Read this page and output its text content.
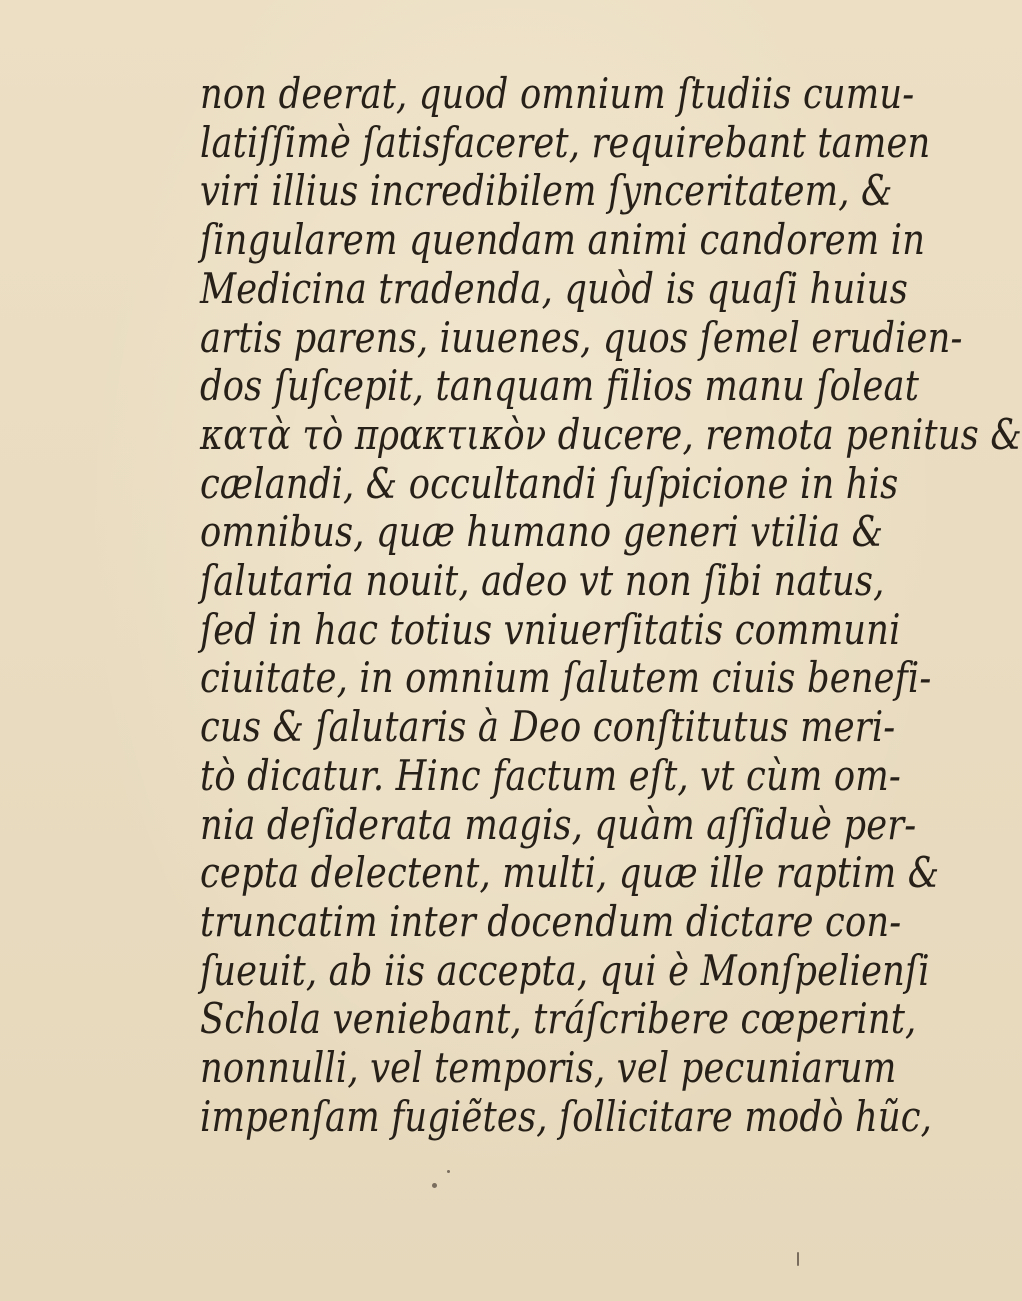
non deerat, quod omnium ſtudiis cumu-
latiſſimè ſatisfaceret, requirebant tamen
viri illius incredibilem ſynceritatem, &
ſingularem quendam animi candorem in
Medicina tradenda, quòd is quaſi huius
artis parens, iuuenes, quos ſemel erudien-
dos ſuſcepit, tanquam filios manu ſoleat
κατὰ τὸ πρακτικὸν ducere, remota penitus &
cælandi, & occultandi ſuſpicione in his
omnibus, quæ humano generi vtilia &
ſalutaria nouit, adeo vt non ſibi natus,
ſed in hac totius vniuerſitatis communi
ciuitate, in omnium ſalutem ciuis benefi-
cus & ſalutaris à Deo conſtitutus meri-
tò dicatur. Hinc factum eſt, vt cùm om-
nia deſiderata magis, quàm aſſiduè per-
cepta delectent, multi, quæ ille raptim &
truncatim inter docendum dictare con-
ſueuit, ab iis accepta, qui è Monſpelienſi
Schola veniebant, tráſcribere cœperint,
nonnulli, vel temporis, vel pecuniarum
impenſam fugiẽtes, ſollicitare modò hũc,
